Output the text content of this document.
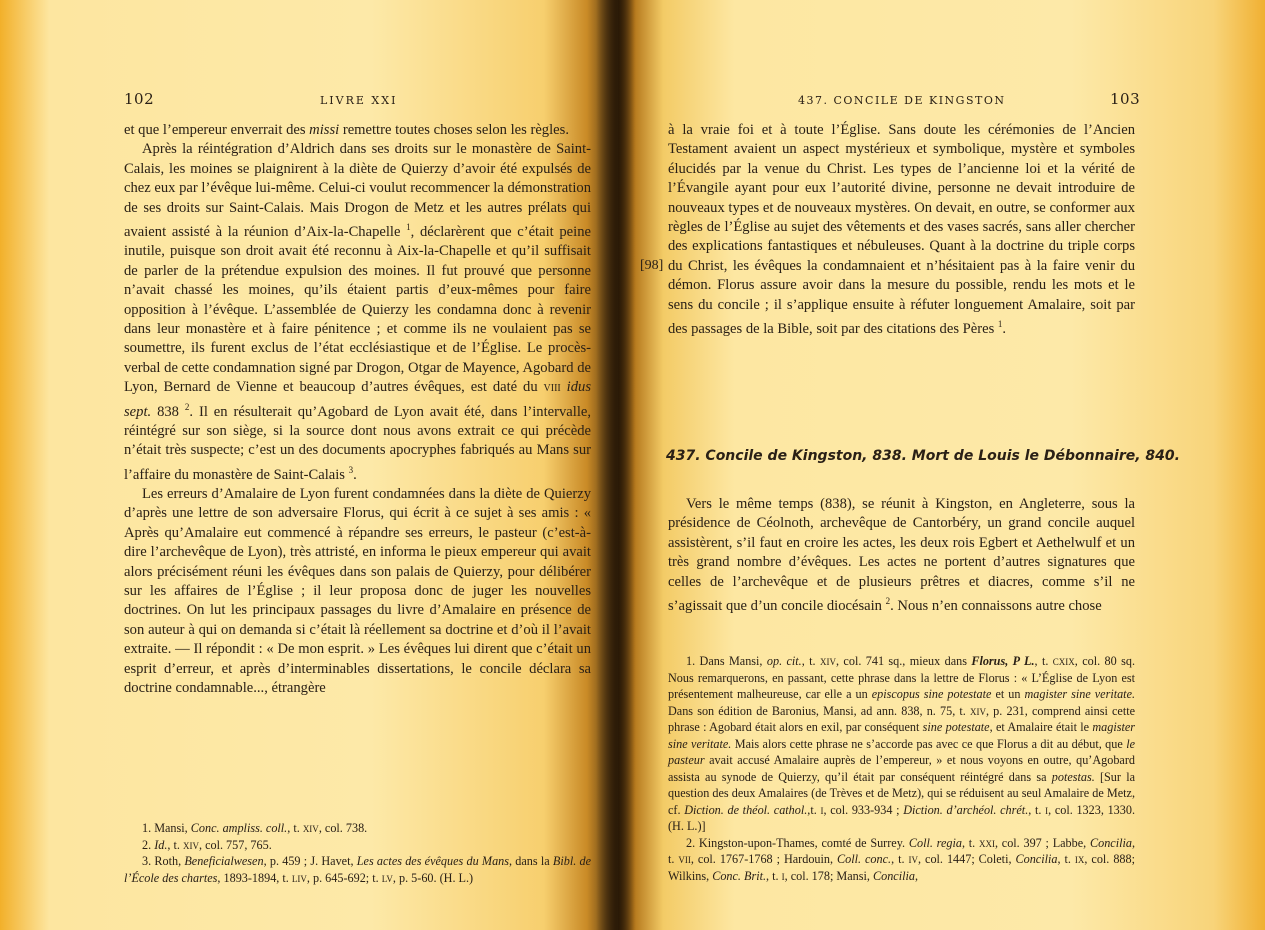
102	LIVRE XXI

et que l’empereur enverrait des missi remettre toutes choses selon les règles.

Après la réintégration d’Aldrich dans ses droits sur le monastère de Saint-Calais, les moines se plaignirent à la diète de Quierzy d’avoir été expulsés de chez eux par l’évêque lui-même. Celui-ci voulut recommencer la démonstration de ses droits sur Saint-Calais. Mais Drogon de Metz et les autres prélats qui avaient assisté à la réunion d’Aix-la-Chapelle $^1$, déclarèrent que c’était peine inutile, puisque son droit avait été reconnu à Aix-la-Chapelle et qu’il suffisait de parler de la prétendue expulsion des moines. Il fut prouvé que personne n’avait chassé les moines, qu’ils étaient partis d’eux-mêmes pour faire opposition à l’évêque. L’assemblée de Quierzy les condamna donc à revenir dans leur monastère et à faire pénitence ; et comme ils ne voulaient pas se soumettre, ils furent exclus de l’état ecclésiastique et de l’Église. Le procès-verbal de cette condamnation signé par Drogon, Otgar de Mayence, Agobard de Lyon, Bernard de Vienne et beaucoup d’autres évêques, est daté du viii idus sept. 838 $^2$. Il en résulterait qu’Agobard de Lyon avait été, dans l’intervalle, réintégré sur son siège, si la source dont nous avons extrait ce qui précède n’était très suspecte; c’est un des documents apocryphes fabriqués au Mans sur l’affaire du monastère de Saint-Calais $^3$.

Les erreurs d’Amalaire de Lyon furent condamnées dans la diète de Quierzy d’après une lettre de son adversaire Florus, qui écrit à ce sujet à ses amis : « Après qu’Amalaire eut commencé à répandre ses erreurs, le pasteur (c’est-à-dire l’archevêque de Lyon), très attristé, en informa le pieux empereur qui avait alors précisément réuni les évêques dans son palais de Quierzy, pour délibérer sur les affaires de l’Église ; il leur proposa donc de juger les nouvelles doctrines. On lut les principaux passages du livre d’Amalaire en présence de son auteur à qui on demanda si c’était là réellement sa doctrine et d’où il l’avait extraite. — Il répondit : « De mon esprit. » Les évêques lui dirent que c’était un esprit d’erreur, et après d’interminables dissertations, le concile déclara sa doctrine condamnable..., étrangère

1. Mansi, Conc. ampliss. coll., t. xiv, col. 738.

2. Id., t. xiv, col. 757, 765.

3. Roth, Beneficialwesen, p. 459 ; J. Havet, Les actes des évêques du Mans, dans la Bibl. de l’École des chartes, 1893-1894, t. liv, p. 645-692; t. lv, p. 5-60. (H. L.)

437. CONCILE DE KINGSTON	103
[98]

à la vraie foi et à toute l’Église. Sans doute les cérémonies de l’Ancien Testament avaient un aspect mystérieux et symbolique, mystère et symboles élucidés par la venue du Christ. Les types de l’ancienne loi et la vérité de l’Évangile ayant pour eux l’autorité divine, personne ne devait introduire de nouveaux types et de nouveaux mystères. On devait, en outre, se conformer aux règles de l’Église au sujet des vêtements et des vases sacrés, sans aller chercher des explications fantastiques et nébuleuses. Quant à la doctrine du triple corps du Christ, les évêques la condamnaient et n’hésitaient pas à la faire venir du démon. Florus assure avoir dans la mesure du possible, rendu les mots et le sens du concile ; il s’applique ensuite à réfuter longuement Amalaire, soit par des passages de la Bible, soit par des citations des Pères $^1$.

437. Concile de Kingston, 838. Mort de Louis le Débonnaire, 840.

Vers le même temps (838), se réunit à Kingston, en Angleterre, sous la présidence de Céolnoth, archevêque de Cantorbéry, un grand concile auquel assistèrent, s’il faut en croire les actes, les deux rois Egbert et Aethelwulf et un très grand nombre d’évêques. Les actes ne portent d’autres signatures que celles de l’archevêque et de plusieurs prêtres et diacres, comme s’il ne s’agissait que d’un concile diocésain $^2$. Nous n’en connaissons autre chose

1. Dans Mansi, op. cit., t. xiv, col. 741 sq., mieux dans Florus, P L., t. cxix, col. 80 sq. Nous remarquerons, en passant, cette phrase dans la lettre de Florus : « L’Église de Lyon est présentement malheureuse, car elle a un episcopus sine potestate et un magister sine veritate. Dans son édition de Baronius, Mansi, ad ann. 838, n. 75, t. xiv, p. 231, comprend ainsi cette phrase : Agobard était alors en exil, par conséquent sine potestate, et Amalaire était le magister sine veritate. Mais alors cette phrase ne s’accorde pas avec ce que Florus a dit au début, que le pasteur avait accusé Amalaire auprès de l’empereur, » et nous voyons en outre, qu’Agobard assista au synode de Quierzy, qu’il était par conséquent réintégré dans sa potestas. [Sur la question des deux Amalaires (de Trèves et de Metz), qui se réduisent au seul Amalaire de Metz, cf. Diction. de théol. cathol.,t. i, col. 933-934 ; Diction. d’archéol. chrét., t. i, col. 1323, 1330. (H. L.)]

2. Kingston-upon-Thames, comté de Surrey. Coll. regia, t. xxi, col. 397 ; Labbe, Concilia, t. vii, col. 1767-1768 ; Hardouin, Coll. conc., t. iv, col. 1447; Coleti, Concilia, t. ix, col. 888; Wilkins, Conc. Brit., t. i, col. 178; Mansi, Concilia,
